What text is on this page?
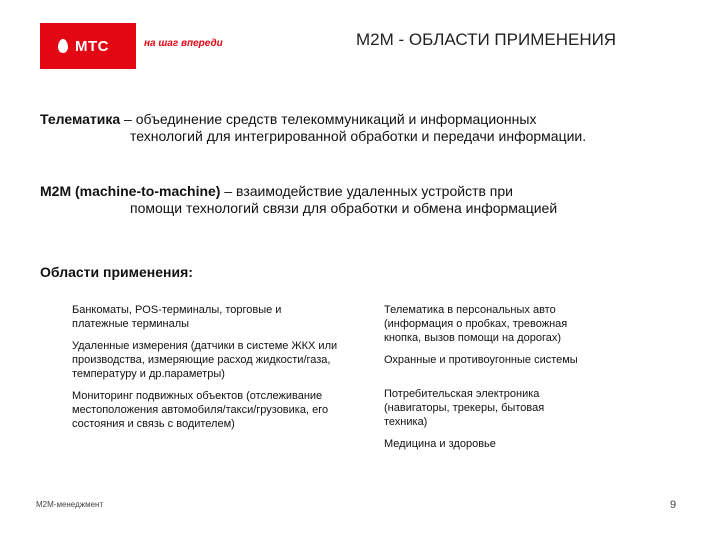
МТС	на шаг впереди	M2M - ОБЛАСТИ ПРИМЕНЕНИЯ
Телематика – объединение средств телекоммуникаций и информационных
технологий для интегрированной обработки и передачи информации.
M2M (machine-to-machine) – взаимодействие удаленных устройств при
помощи технологий связи для обработки и обмена информацией
Области применения:
Банкоматы, POS-терминалы, торговые и
платежные терминалы
Удаленные измерения (датчики в системе ЖКХ или
производства, измеряющие расход жидкости/газа,
температуру и др.параметры)
Мониторинг подвижных объектов (отслеживание
местоположения автомобиля/такси/грузовика, его
состояния и связь с водителем)
Телематика в персональных авто
(информация о пробках, тревожная
кнопка, вызов помощи на дорогах)
Охранные и противоугонные системы
Потребительская электроника
(навигаторы, трекеры, бытовая
техника)
Медицина и здоровье
M2M-менеджмент	9
